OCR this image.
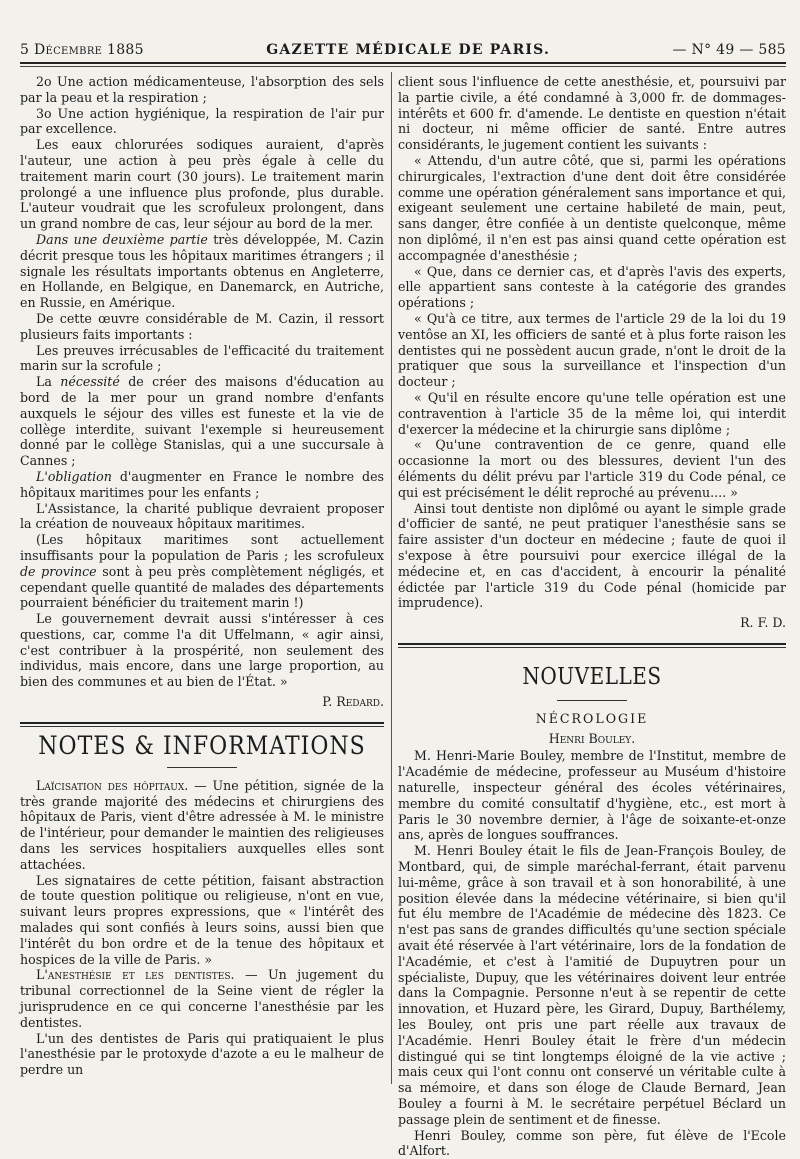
5 Décembre 1885	GAZETTE MÉDICALE DE PARIS.	— N° 49 — 585

2o Une action médicamenteuse, l'absorption des sels par la peau et la respiration ;

3o Une action hygiénique, la respiration de l'air pur par excellence.

Les eaux chlorurées sodiques auraient, d'après l'auteur, une action à peu près égale à celle du traitement marin court (30 jours). Le traitement marin prolongé a une influence plus profonde, plus durable. L'auteur voudrait que les scrofuleux prolongent, dans un grand nombre de cas, leur séjour au bord de la mer.

Dans une deuxième partie très développée, M. Cazin décrit presque tous les hôpitaux maritimes étrangers ; il signale les résultats importants obtenus en Angleterre, en Hollande, en Belgique, en Danemarck, en Autriche, en Russie, en Amérique.

De cette œuvre considérable de M. Cazin, il ressort plusieurs faits importants :

Les preuves irrécusables de l'efficacité du traitement marin sur la scrofule ;

La nécessité de créer des maisons d'éducation au bord de la mer pour un grand nombre d'enfants auxquels le séjour des villes est funeste et la vie de collège interdite, suivant l'exemple si heureusement donné par le collège Stanislas, qui a une succursale à Cannes ;

L'obligation d'augmenter en France le nombre des hôpitaux maritimes pour les enfants ;

L'Assistance, la charité publique devraient proposer la création de nouveaux hôpitaux maritimes.

(Les hôpitaux maritimes sont actuellement insuffisants pour la population de Paris ; les scrofuleux de province sont à peu près complètement négligés, et cependant quelle quantité de malades des départements pourraient bénéficier du traitement marin !)

Le gouvernement devrait aussi s'intéresser à ces questions, car, comme l'a dit Uffelmann, « agir ainsi, c'est contribuer à la prospérité, non seulement des individus, mais encore, dans une large proportion, au bien des communes et au bien de l'État. »

P. Redard.
NOTES & INFORMATIONS

Laïcisation des hôpitaux. — Une pétition, signée de la très grande majorité des médecins et chirurgiens des hôpitaux de Paris, vient d'être adressée à M. le ministre de l'intérieur, pour demander le maintien des religieuses dans les services hospitaliers auxquelles elles sont attachées.

Les signataires de cette pétition, faisant abstraction de toute question politique ou religieuse, n'ont en vue, suivant leurs propres expressions, que « l'intérêt des malades qui sont confiés à leurs soins, aussi bien que l'intérêt du bon ordre et de la tenue des hôpitaux et hospices de la ville de Paris. »

L'anesthésie et les dentistes. — Un jugement du tribunal correctionnel de la Seine vient de régler la jurisprudence en ce qui concerne l'anesthésie par les dentistes.

L'un des dentistes de Paris qui pratiquaient le plus l'anesthésie par le protoxyde d'azote a eu le malheur de perdre un

client sous l'influence de cette anesthésie, et, poursuivi par la partie civile, a été condamné à 3,000 fr. de dommages-intérêts et 600 fr. d'amende. Le dentiste en question n'était ni docteur, ni même officier de santé. Entre autres considérants, le jugement contient les suivants :

« Attendu, d'un autre côté, que si, parmi les opérations chirurgicales, l'extraction d'une dent doit être considérée comme une opération généralement sans importance et qui, exigeant seulement une certaine habileté de main, peut, sans danger, être confiée à un dentiste quelconque, même non diplômé, il n'en est pas ainsi quand cette opération est accompagnée d'anesthésie ;

« Que, dans ce dernier cas, et d'après l'avis des experts, elle appartient sans conteste à la catégorie des grandes opérations ;

« Qu'à ce titre, aux termes de l'article 29 de la loi du 19 ventôse an XI, les officiers de santé et à plus forte raison les dentistes qui ne possèdent aucun grade, n'ont le droit de la pratiquer que sous la surveillance et l'inspection d'un docteur ;

« Qu'il en résulte encore qu'une telle opération est une contravention à l'article 35 de la même loi, qui interdit d'exercer la médecine et la chirurgie sans diplôme ;

« Qu'une contravention de ce genre, quand elle occasionne la mort ou des blessures, devient l'un des éléments du délit prévu par l'article 319 du Code pénal, ce qui est précisément le délit reproché au prévenu.... »

Ainsi tout dentiste non diplômé ou ayant le simple grade d'officier de santé, ne peut pratiquer l'anesthésie sans se faire assister d'un docteur en médecine ; faute de quoi il s'expose à être poursuivi pour exercice illégal de la médecine et, en cas d'accident, à encourir la pénalité édictée par l'article 319 du Code pénal (homicide par imprudence).

R. F. D.
NOUVELLES
NÉCROLOGIE
Henri Bouley.

M. Henri-Marie Bouley, membre de l'Institut, membre de l'Académie de médecine, professeur au Muséum d'histoire naturelle, inspecteur général des écoles vétérinaires, membre du comité consultatif d'hygiène, etc., est mort à Paris le 30 novembre dernier, à l'âge de soixante-et-onze ans, après de longues souffrances.

M. Henri Bouley était le fils de Jean-François Bouley, de Montbard, qui, de simple maréchal-ferrant, était parvenu lui-même, grâce à son travail et à son honorabilité, à une position élevée dans la médecine vétérinaire, si bien qu'il fut élu membre de l'Académie de médecine dès 1823. Ce n'est pas sans de grandes difficultés qu'une section spéciale avait été réservée à l'art vétérinaire, lors de la fondation de l'Académie, et c'est à l'amitié de Dupuytren pour un spécialiste, Dupuy, que les vétérinaires doivent leur entrée dans la Compagnie. Personne n'eut à se repentir de cette innovation, et Huzard père, les Girard, Dupuy, Barthélemy, les Bouley, ont pris une part réelle aux travaux de l'Académie. Henri Bouley était le frère d'un médecin distingué qui se tint longtemps éloigné de la vie active ; mais ceux qui l'ont connu ont conservé un véritable culte à sa mémoire, et dans son éloge de Claude Bernard, Jean Bouley a fourni à M. le secrétaire perpétuel Béclard un passage plein de sentiment et de finesse.

Henri Bouley, comme son père, fut élève de l'Ecole d'Alfort.
